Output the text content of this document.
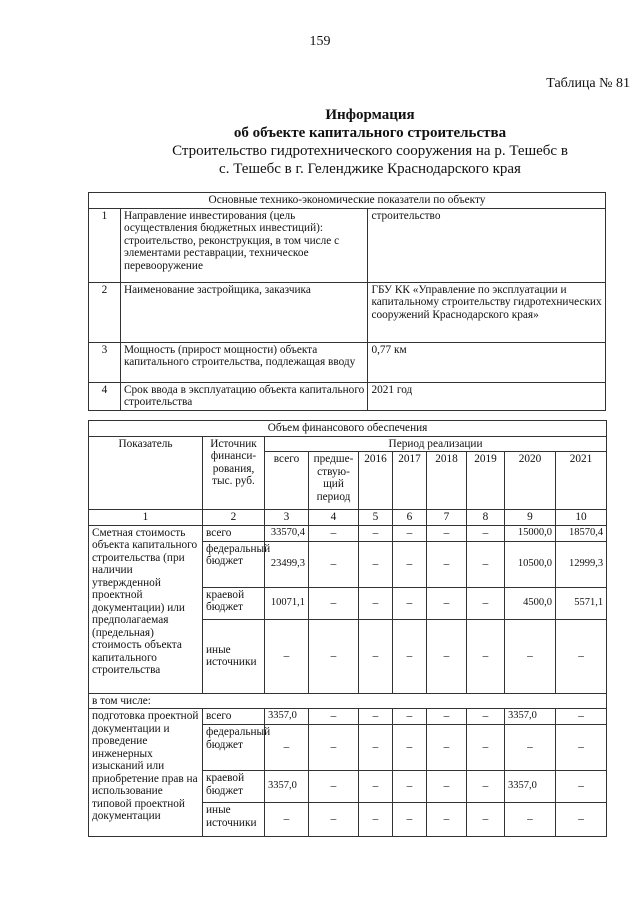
159
Таблица № 81
Информация
об объекте капитального строительства
Строительство гидротехнического сооружения на р. Тешебс в
с. Тешебс в г. Геленджике Краснодарского края
Основные технико-экономические показатели по объекту		
1	Направление инвестирования (цель осуществления бюджетных инвестиций): строительство, реконструкция, в том числе с элементами реставрации, техническое перевооружение	строительство
2	Наименование застройщика, заказчика	ГБУ КК «Управление по эксплуатации и капитальному строительству гидротехнических сооружений Краснодарского края»
3	Мощность (прирост мощности) объекта капитального строительства, подлежащая вводу	0,77 км
4	Срок ввода в эксплуатацию объекта капитального строительства	2021 год
Объем финансового обеспечения									
Показатель	Источник финанси-рования, тыс. руб.	Период реализации							
		всего	предше-ствую-щий период	2016	2017	2018	2019	2020	2021
1	2	3	4	5	6	7	8	9	10
Сметная стоимость объекта капитального строительства (при наличии утвержденной проектной документации) или предполагаемая (предельная) стоимость объекта капитального строительства	всего	33570,4	–	–	–	–	–	15000,0	18570,4
	федеральный бюджет	23499,3	–	–	–	–	–	10500,0	12999,3
	краевой бюджет	10071,1	–	–	–	–	–	4500,0	5571,1
	иные источники	–	–	–	–	–	–	–	–
в том числе:									
подготовка проектной документации и проведение инженерных изысканий или приобретение прав на использование типовой проектной документации	всего	3357,0	–	–	–	–	–	3357,0	–
	федеральный бюджет	–	–	–	–	–	–	–	–
	краевой бюджет	3357,0	–	–	–	–	–	3357,0	–
	иные источники	–	–	–	–	–	–	–	–
